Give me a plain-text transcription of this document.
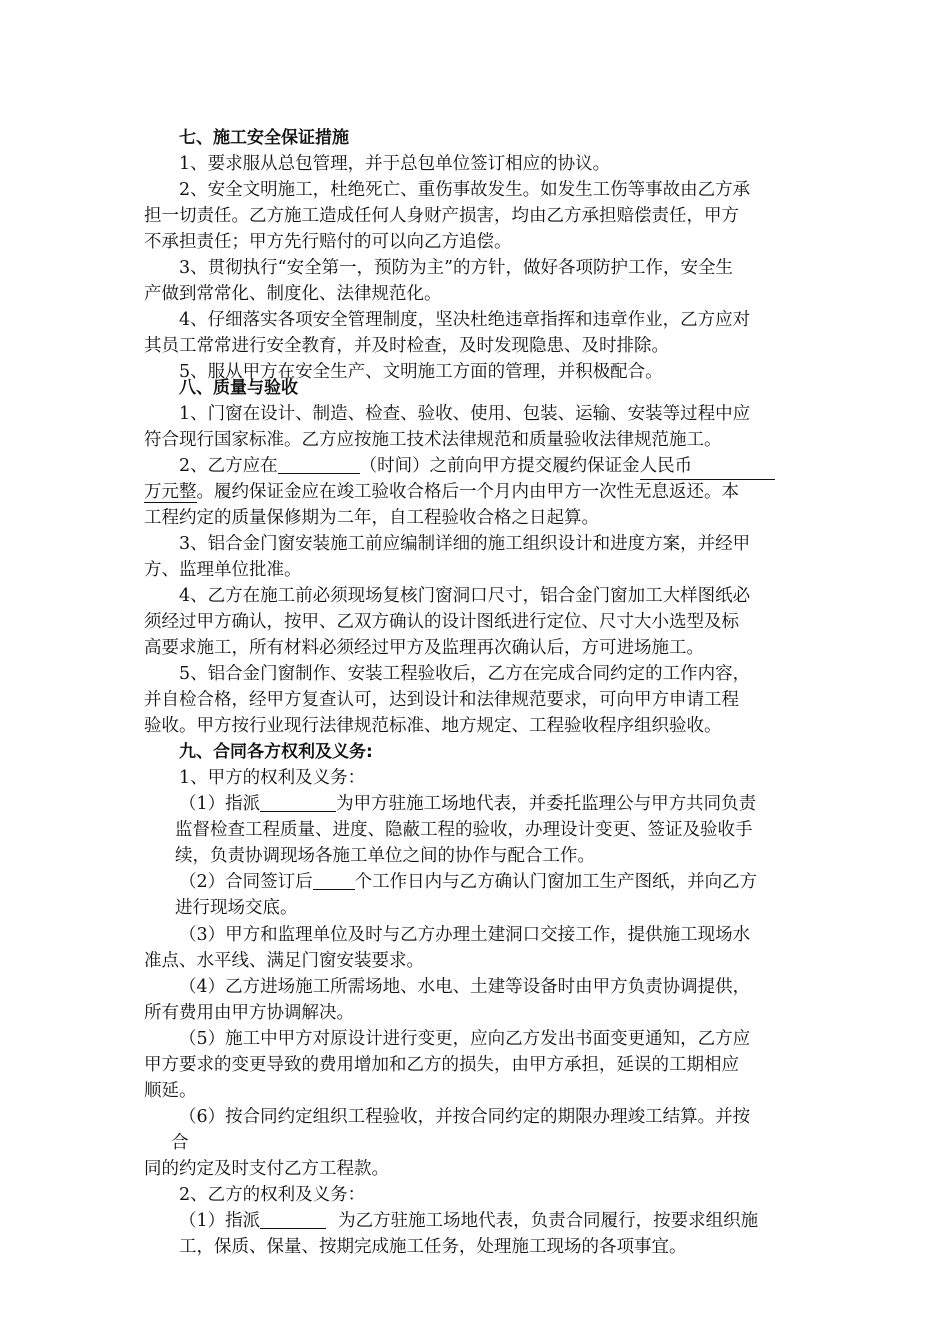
七、施工安全保证措施
1、要求服从总包管理，并于总包单位签订相应的协议。
2、安全文明施工，杜绝死亡、重伤事故发生。如发生工伤等事故由乙方承
担一切责任。乙方施工造成任何人身财产损害，均由乙方承担赔偿责任，甲方
不承担责任；甲方先行赔付的可以向乙方追偿。
3、贯彻执行“安全第一，预防为主”的方针，做好各项防护工作，安全生
产做到常常化、制度化、法律规范化。
4、仔细落实各项安全管理制度，坚决杜绝违章指挥和违章作业，乙方应对
其员工常常进行安全教育，并及时检查，及时发现隐患、及时排除。
5、服从甲方在安全生产、文明施工方面的管理，并积极配合。
八、质量与验收
1、门窗在设计、制造、检查、验收、使用、包装、运输、安装等过程中应
符合现行国家标准。乙方应按施工技术法律规范和质量验收法律规范施工。
2、乙方应在	（时间）之前向甲方提交履约保证金人民币
万元整。履约保证金应在竣工验收合格后一个月内由甲方一次性无息返还。本
工程约定的质量保修期为二年，自工程验收合格之日起算。
3、铝合金门窗安装施工前应编制详细的施工组织设计和进度方案，并经甲
方、监理单位批准。
4、乙方在施工前必须现场复核门窗洞口尺寸，铝合金门窗加工大样图纸必
须经过甲方确认，按甲、乙双方确认的设计图纸进行定位、尺寸大小选型及标
高要求施工，所有材料必须经过甲方及监理再次确认后，方可进场施工。
5、铝合金门窗制作、安装工程验收后，乙方在完成合同约定的工作内容，
并自检合格，经甲方复查认可，达到设计和法律规范要求，可向甲方申请工程
验收。甲方按行业现行法律规范标准、地方规定、工程验收程序组织验收。
九、合同各方权利及义务:
1、甲方的权利及义务：
（1）指派	为甲方驻施工场地代表，并委托监理公与甲方共同负责
监督检查工程质量、进度、隐蔽工程的验收，办理设计变更、签证及验收手
续，负责协调现场各施工单位之间的协作与配合工作。
（2）合同签订后 个工作日内与乙方确认门窗加工生产图纸，并向乙方
进行现场交底。
（3）甲方和监理单位及时与乙方办理土建洞口交接工作，提供施工现场水
准点、水平线、满足门窗安装要求。
（4）乙方进场施工所需场地、水电、土建等设备时由甲方负责协调提供，
所有费用由甲方协调解决。
（5）施工中甲方对原设计进行变更，应向乙方发出书面变更通知，乙方应
甲方要求的变更导致的费用增加和乙方的损失，由甲方承担，延误的工期相应
顺延。
（6）按合同约定组织工程验收，并按合同约定的期限办理竣工结算。并按
合
同的约定及时支付乙方工程款。
2、乙方的权利及义务：
（1）指派	为乙方驻施工场地代表，负责合同履行，按要求组织施
工，保质、保量、按期完成施工任务，处理施工现场的各项事宜。
